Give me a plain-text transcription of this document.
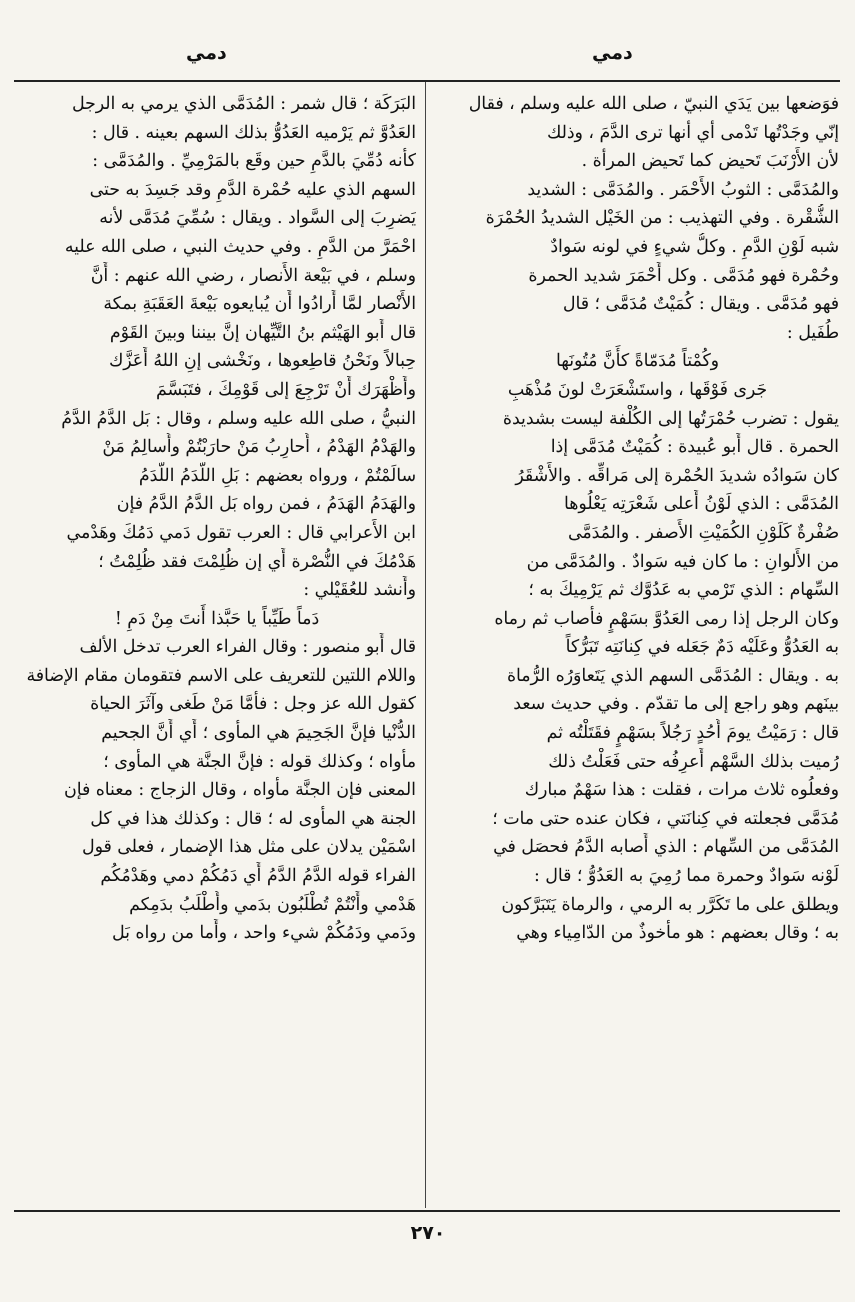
دمي
دمي
فوَضعها بين يَدَي النبيّ ، صلى الله عليه وسلم ، فقال
إنّي وجَدْتُها تَدْمى أي أنها ترى الدَّمَ ، وذلك
لأن الأَرْنَبَ تَحيض كما تَحيض المرأة .
والمُدَمَّى : الثوبُ الأَحْمَر . والمُدَمَّى : الشديد
الشُّقْرة . وفي التهذيب : من الخَيْل الشديدُ الحُمْرَة
شبه لَوْنِ الدَّمِ . وكلُّ شيءٍ في لونه سَوادٌ
وحُمْرة فهو مُدَمَّى . وكل أَحْمَرَ شديد الحمرة
فهو مُدَمَّى . ويقال : كُمَيْتٌ مُدَمَّى ؛ قال
طُفَيل :
وكُمْتاً مُدَمّاةً كأَنَّ مُتُونَها
جَرى فَوْقَها ، واستَشْعَرَتْ لونَ مُذْهَبِ
يقول : تضرب حُمْرَتُها إلى الكُلْفة ليست بشديدة
الحمرة . قال أَبو عُبيدة : كُمَيْتٌ مُدَمَّى إذا
كان سَوادُه شديدَ الحُمْرة إلى مَراقِّه . والأَشْقَرُ
المُدَمَّى : الذي لَوْنُ أَعلى شَعْرَتِه يَعْلُوها
صُفْرةٌ كَلَوْنِ الكُمَيْتِ الأَصفر . والمُدَمَّى
من الأَلوانِ : ما كان فيه سَوادٌ . والمُدَمَّى من
السِّهام : الذي تَرْمي به عَدُوَّك ثم يَرْمِيكَ به ؛
وكان الرجل إذا رمى العَدُوَّ بسَهْمٍ فأَصاب ثم رماه
به العَدُوُّ وعَلَيْه دَمٌ جَعَله في كِنانَتِه تَبَرُّكاً
به . ويقال : المُدَمَّى السهم الذي يَتَعاوَرُه الرُّماة
بينَهم وهو راجع إلى ما تقدّم . وفي حديث سعد
قال : رَمَيْتُ يومَ أُحُدٍ رَجُلاً بسَهْمٍ فقَتَلْتُه ثم
رُميت بذلك السَّهْم أَعرِفُه حتى فَعَلْتُ ذلك
وفعلُوه ثلاث مرات ، فقلت : هذا سَهْمٌ مبارك
مُدَمَّى فجعلته في كِنانَتي ، فكان عنده حتى مات ؛
المُدَمَّى من السِّهام : الذي أَصابه الدَّمُ فحصَل في
لَوْنه سَوادٌ وحمرة مما رُمِيَ به العَدُوُّ ؛ قال :
ويطلق على ما تَكَرَّر به الرمي ، والرماة يَتَبَرَّكون
به ؛ وقال بعضهم : هو مأْخوذٌ من الدّامِياء وهي
البَرَكَة ؛ قال شمر : المُدَمَّى الذي يرمي به الرجل
العَدُوَّ ثم يَرْميه العَدُوُّ بذلك السهم بعينه . قال :
كأنه دُمِّيَ بالدَّمِ حين وقَع بالمَرْمِيِّ . والمُدَمَّى :
السهم الذي عليه حُمْرة الدَّمِ وقد جَسِدَ به حتى
يَضرِبَ إلى السَّواد . ويقال : سُمِّيَ مُدَمَّى لأنه
احْمَرَّ من الدَّمِ . وفي حديث النبي ، صلى الله عليه
وسلم ، في بَيْعة الأَنصار ، رضي الله عنهم : أَنَّ
الأَنْصار لمَّا أَرادُوا أَن يُبايعوه بَيْعةَ العَقَبَةِ بمكة
قال أَبو الهَيْثم بنُ التَّيِّهان إنَّ بيننا وبينَ القَوْم
حِبالاً ونَحْنُ قاطِعوها ، ونَخْشى إنِ اللهُ أَعَزَّك
وأَظْهَرَك أَنْ تَرْجِعَ إلى قَوْمِكَ ، فتَبَسَّمَ
النبيُّ ، صلى الله عليه وسلم ، وقال : بَل الدَّمُ الدَّمُ
والهَدْمُ الهَدْمُ ، أُحارِبُ مَنْ حارَبْتُمْ وأُسالِمُ مَنْ
سالَمْتُمْ ، ورواه بعضهم : بَلِ اللَّدَمُ اللَّدَمُ
والهَدَمُ الهَدَمُ ، فمن رواه بَل الدَّمُ الدَّمُ فإن
ابن الأَعرابي قال : العرب تقول دَمي دَمُكَ وهَدْمي
هَدْمُكَ في النُّصْرة أَي إن ظُلِمْتَ فقد ظُلِمْتُ ؛
وأَنشد للعُقَيْلي :
دَماً طَيِّباً يا حَبَّذا أَنتَ مِنْ دَمِ !
قال أَبو منصور : وقال الفراء العرب تدخل الألف
واللام اللتين للتعريف على الاسم فتقومان مقام الإضافة
كقول الله عز وجل : فأَمَّا مَنْ طَغى وآثَرَ الحياة
الدُّنْيا فإنَّ الجَحِيمَ هي المأْوى ؛ أَي أَنَّ الجحيم
مأْواه ؛ وكذلك قوله : فإنَّ الجنَّة هي المأْوى ؛
المعنى فإن الجنَّة مأْواه ، وقال الزجاج : معناه فإن
الجنة هي المأْوى له ؛ قال : وكذلك هذا في كل
اسْمَيْن يدلان على مثل هذا الإضمار ، فعلى قول
الفراء قوله الدَّمُ الدَّمُ أَي دَمُكُمْ دمي وهَدْمُكُم
هَدْمي وأَنْتُمْ تُطْلَبُون بدَمي وأُطْلَبُ بدَمِكم
ودَمي ودَمُكُمْ شيء واحد ، وأَما من رواه بَل
٢٧٠
